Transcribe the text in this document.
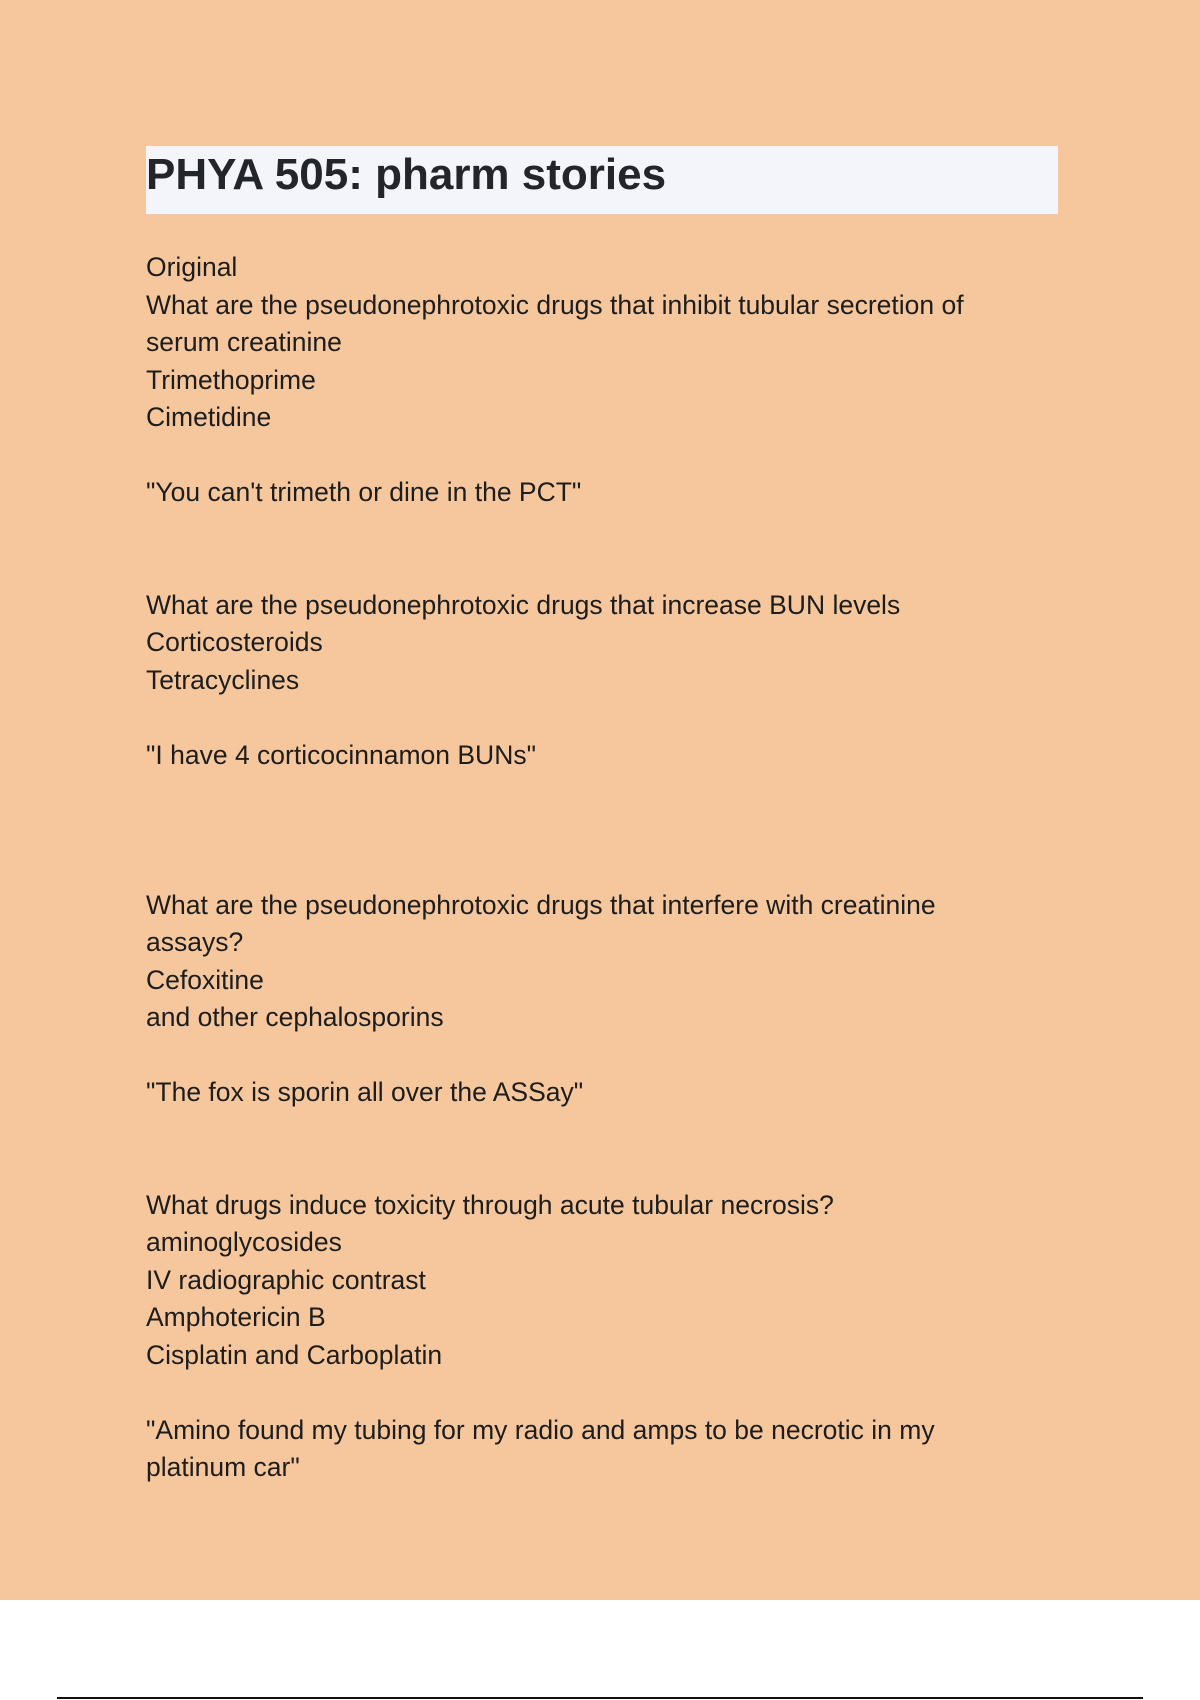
PHYA 505: pharm stories
Original
What are the pseudonephrotoxic drugs that inhibit tubular secretion of
serum creatinine
Trimethoprime
Cimetidine
"You can't trimeth or dine in the PCT"
What are the pseudonephrotoxic drugs that increase BUN levels
Corticosteroids
Tetracyclines
"I have 4 corticocinnamon BUNs"
What are the pseudonephrotoxic drugs that interfere with creatinine
assays?
Cefoxitine
and other cephalosporins
"The fox is sporin all over the ASSay"
What drugs induce toxicity through acute tubular necrosis?
aminoglycosides
IV radiographic contrast
Amphotericin B
Cisplatin and Carboplatin
"Amino found my tubing for my radio and amps to be necrotic in my
platinum car"
